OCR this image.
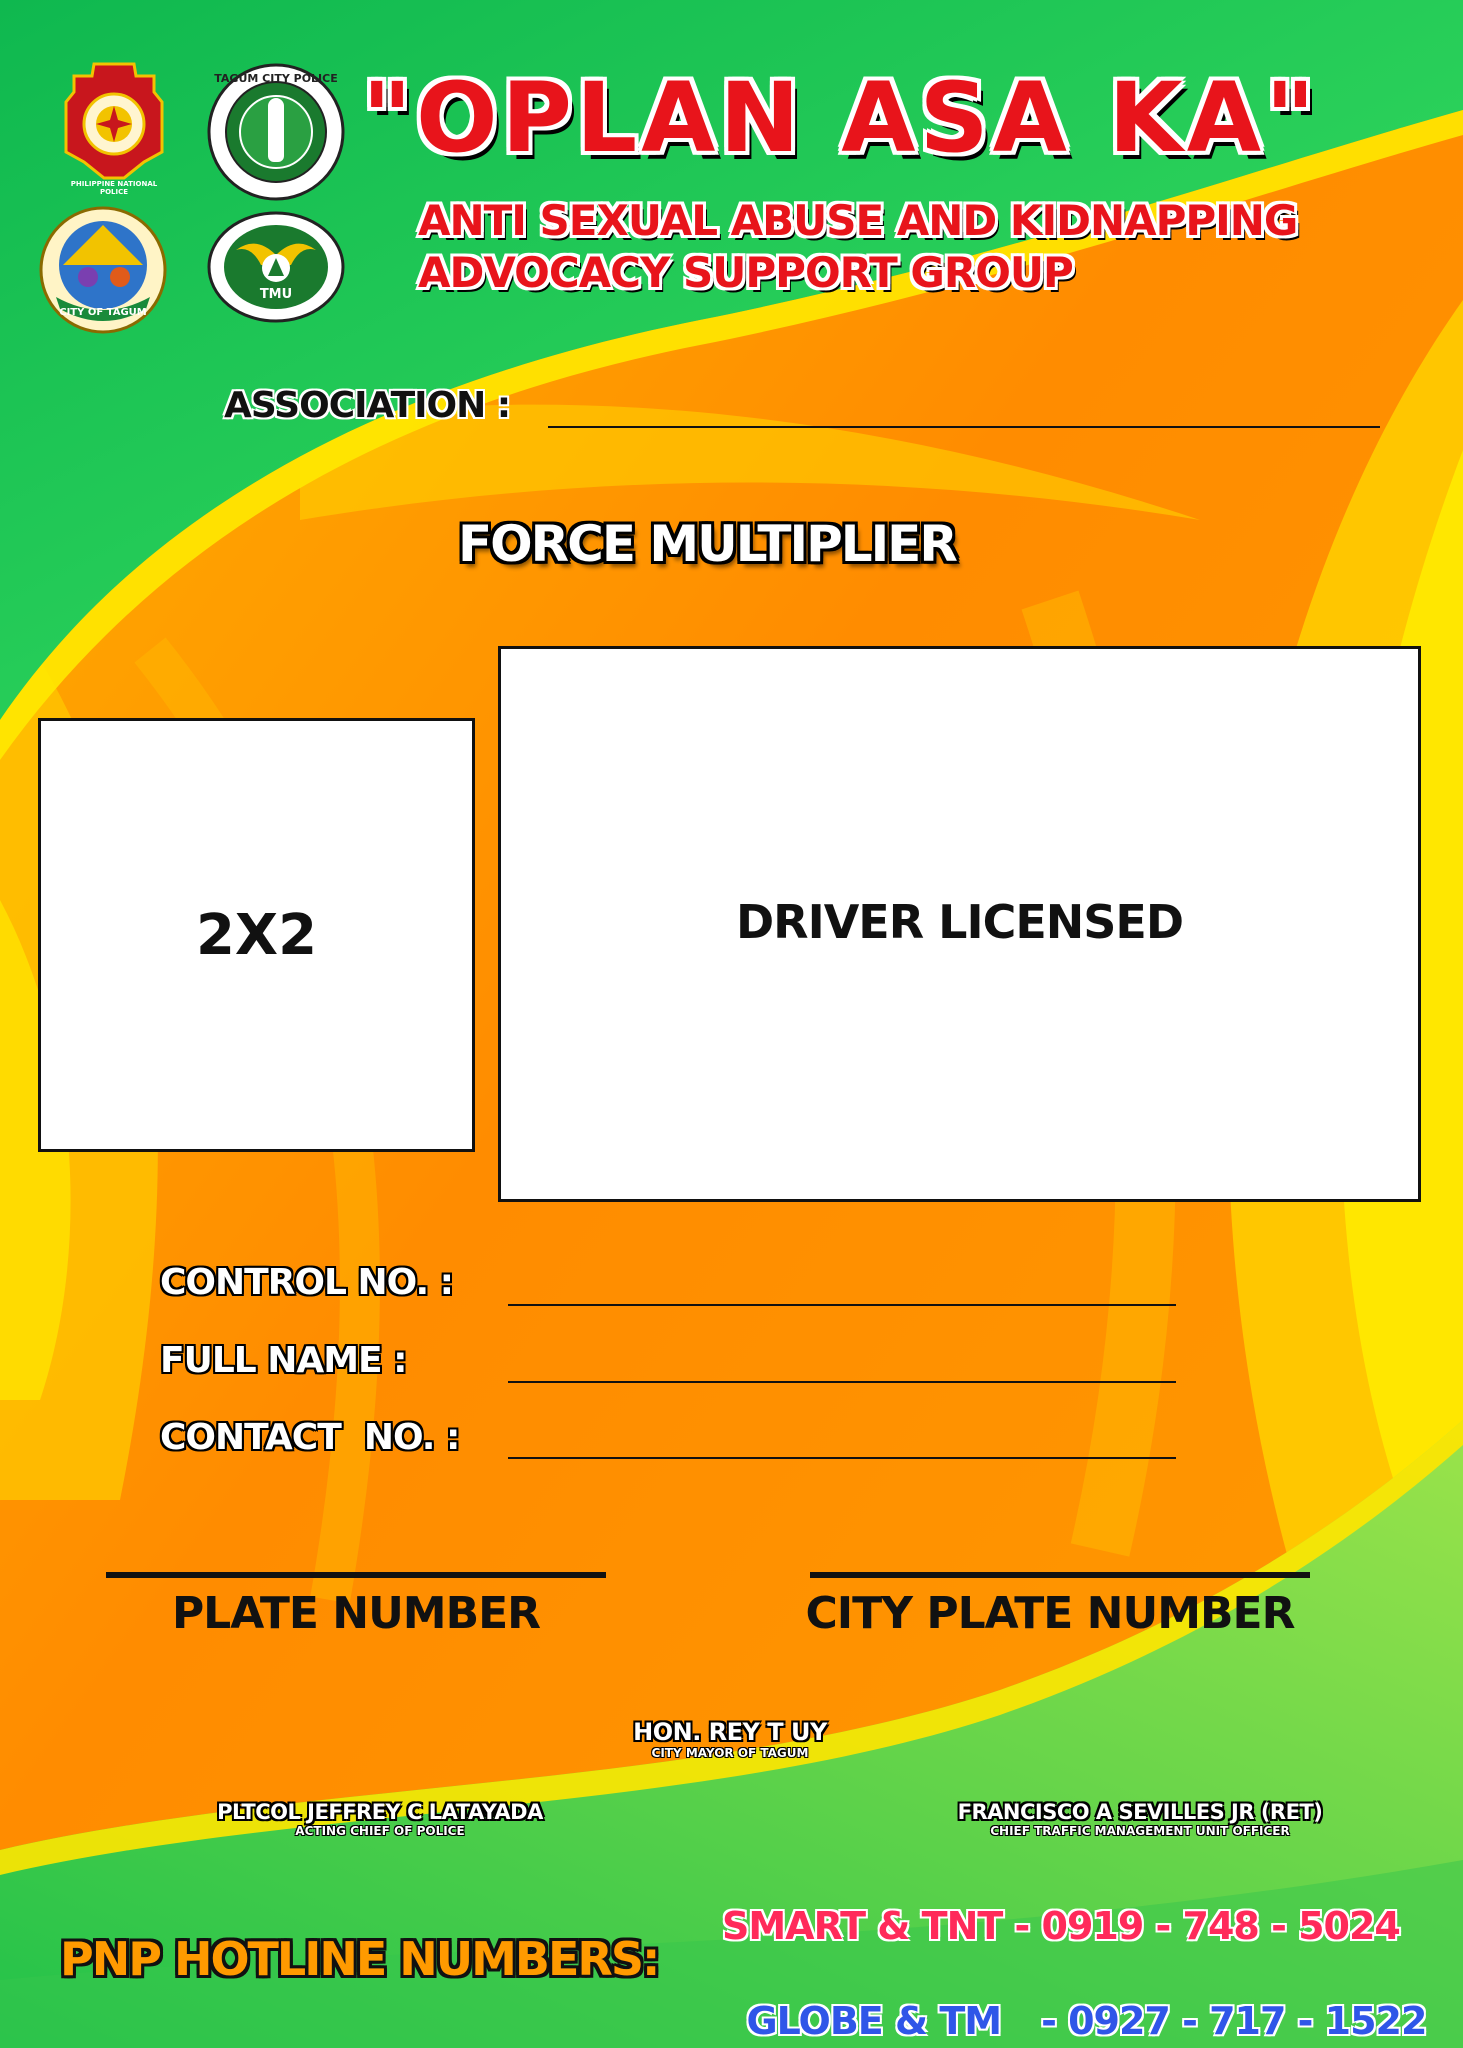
TAGUM CITY POLICE
CITY OF TAGUM
TMU
"OPLAN ASA KA"
ANTI SEXUAL ABUSE AND KIDNAPPING
ADVOCACY SUPPORT GROUP
ASSOCIATION :
FORCE MULTIPLIER
2X2	DRIVER LICENSED
CONTROL NO. :
FULL NAME :
CONTACT  NO. :
PLATE NUMBER	CITY PLATE NUMBER
HON. REY T UY
CITY MAYOR OF TAGUM
PLTCOL JEFFREY C LATAYADA
ACTING CHIEF OF POLICE
FRANCISCO A SEVILLES JR (RET)
CHIEF TRAFFIC MANAGEMENT UNIT OFFICER
PNP HOTLINE NUMBERS:
SMART & TNT - 0919 - 748 - 5024

GLOBE & TM - 0927 - 717 - 1522

PHILIPPINE NATIONAL POLICE
